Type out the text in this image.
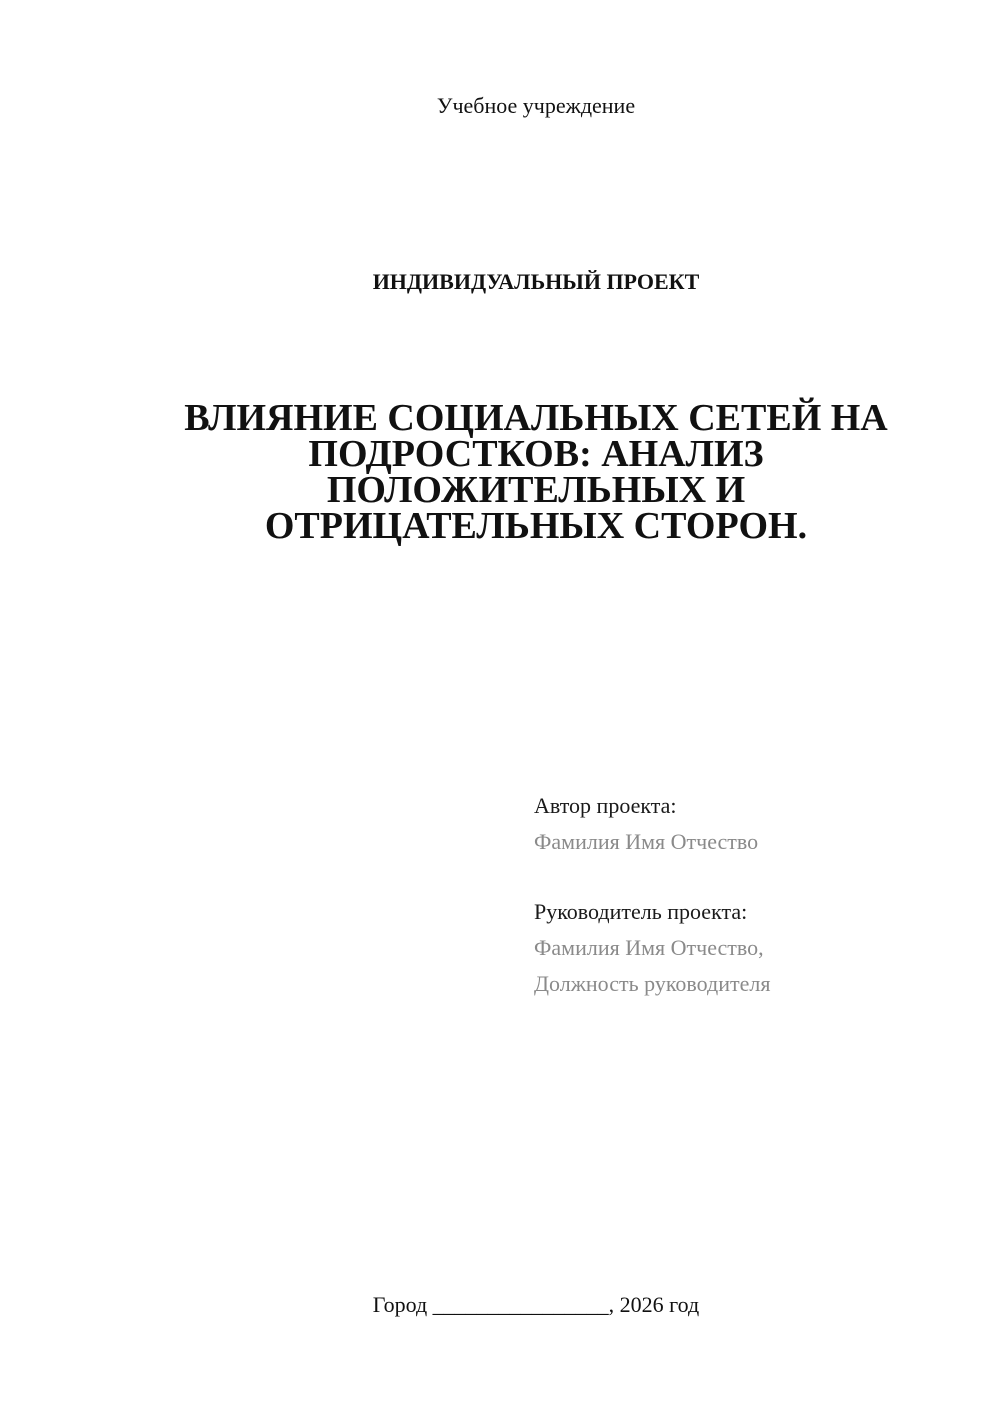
Учебное учреждение
ИНДИВИДУАЛЬНЫЙ ПРОЕКТ
ВЛИЯНИЕ СОЦИАЛЬНЫХ СЕТЕЙ НА
ПОДРОСТКОВ: АНАЛИЗ
ПОЛОЖИТЕЛЬНЫХ И
ОТРИЦАТЕЛЬНЫХ СТОРОН.
Автор проекта:
Фамилия Имя Отчество
Руководитель проекта:
Фамилия Имя Отчество,
Должность руководителя
Город ________________, 2026 год
